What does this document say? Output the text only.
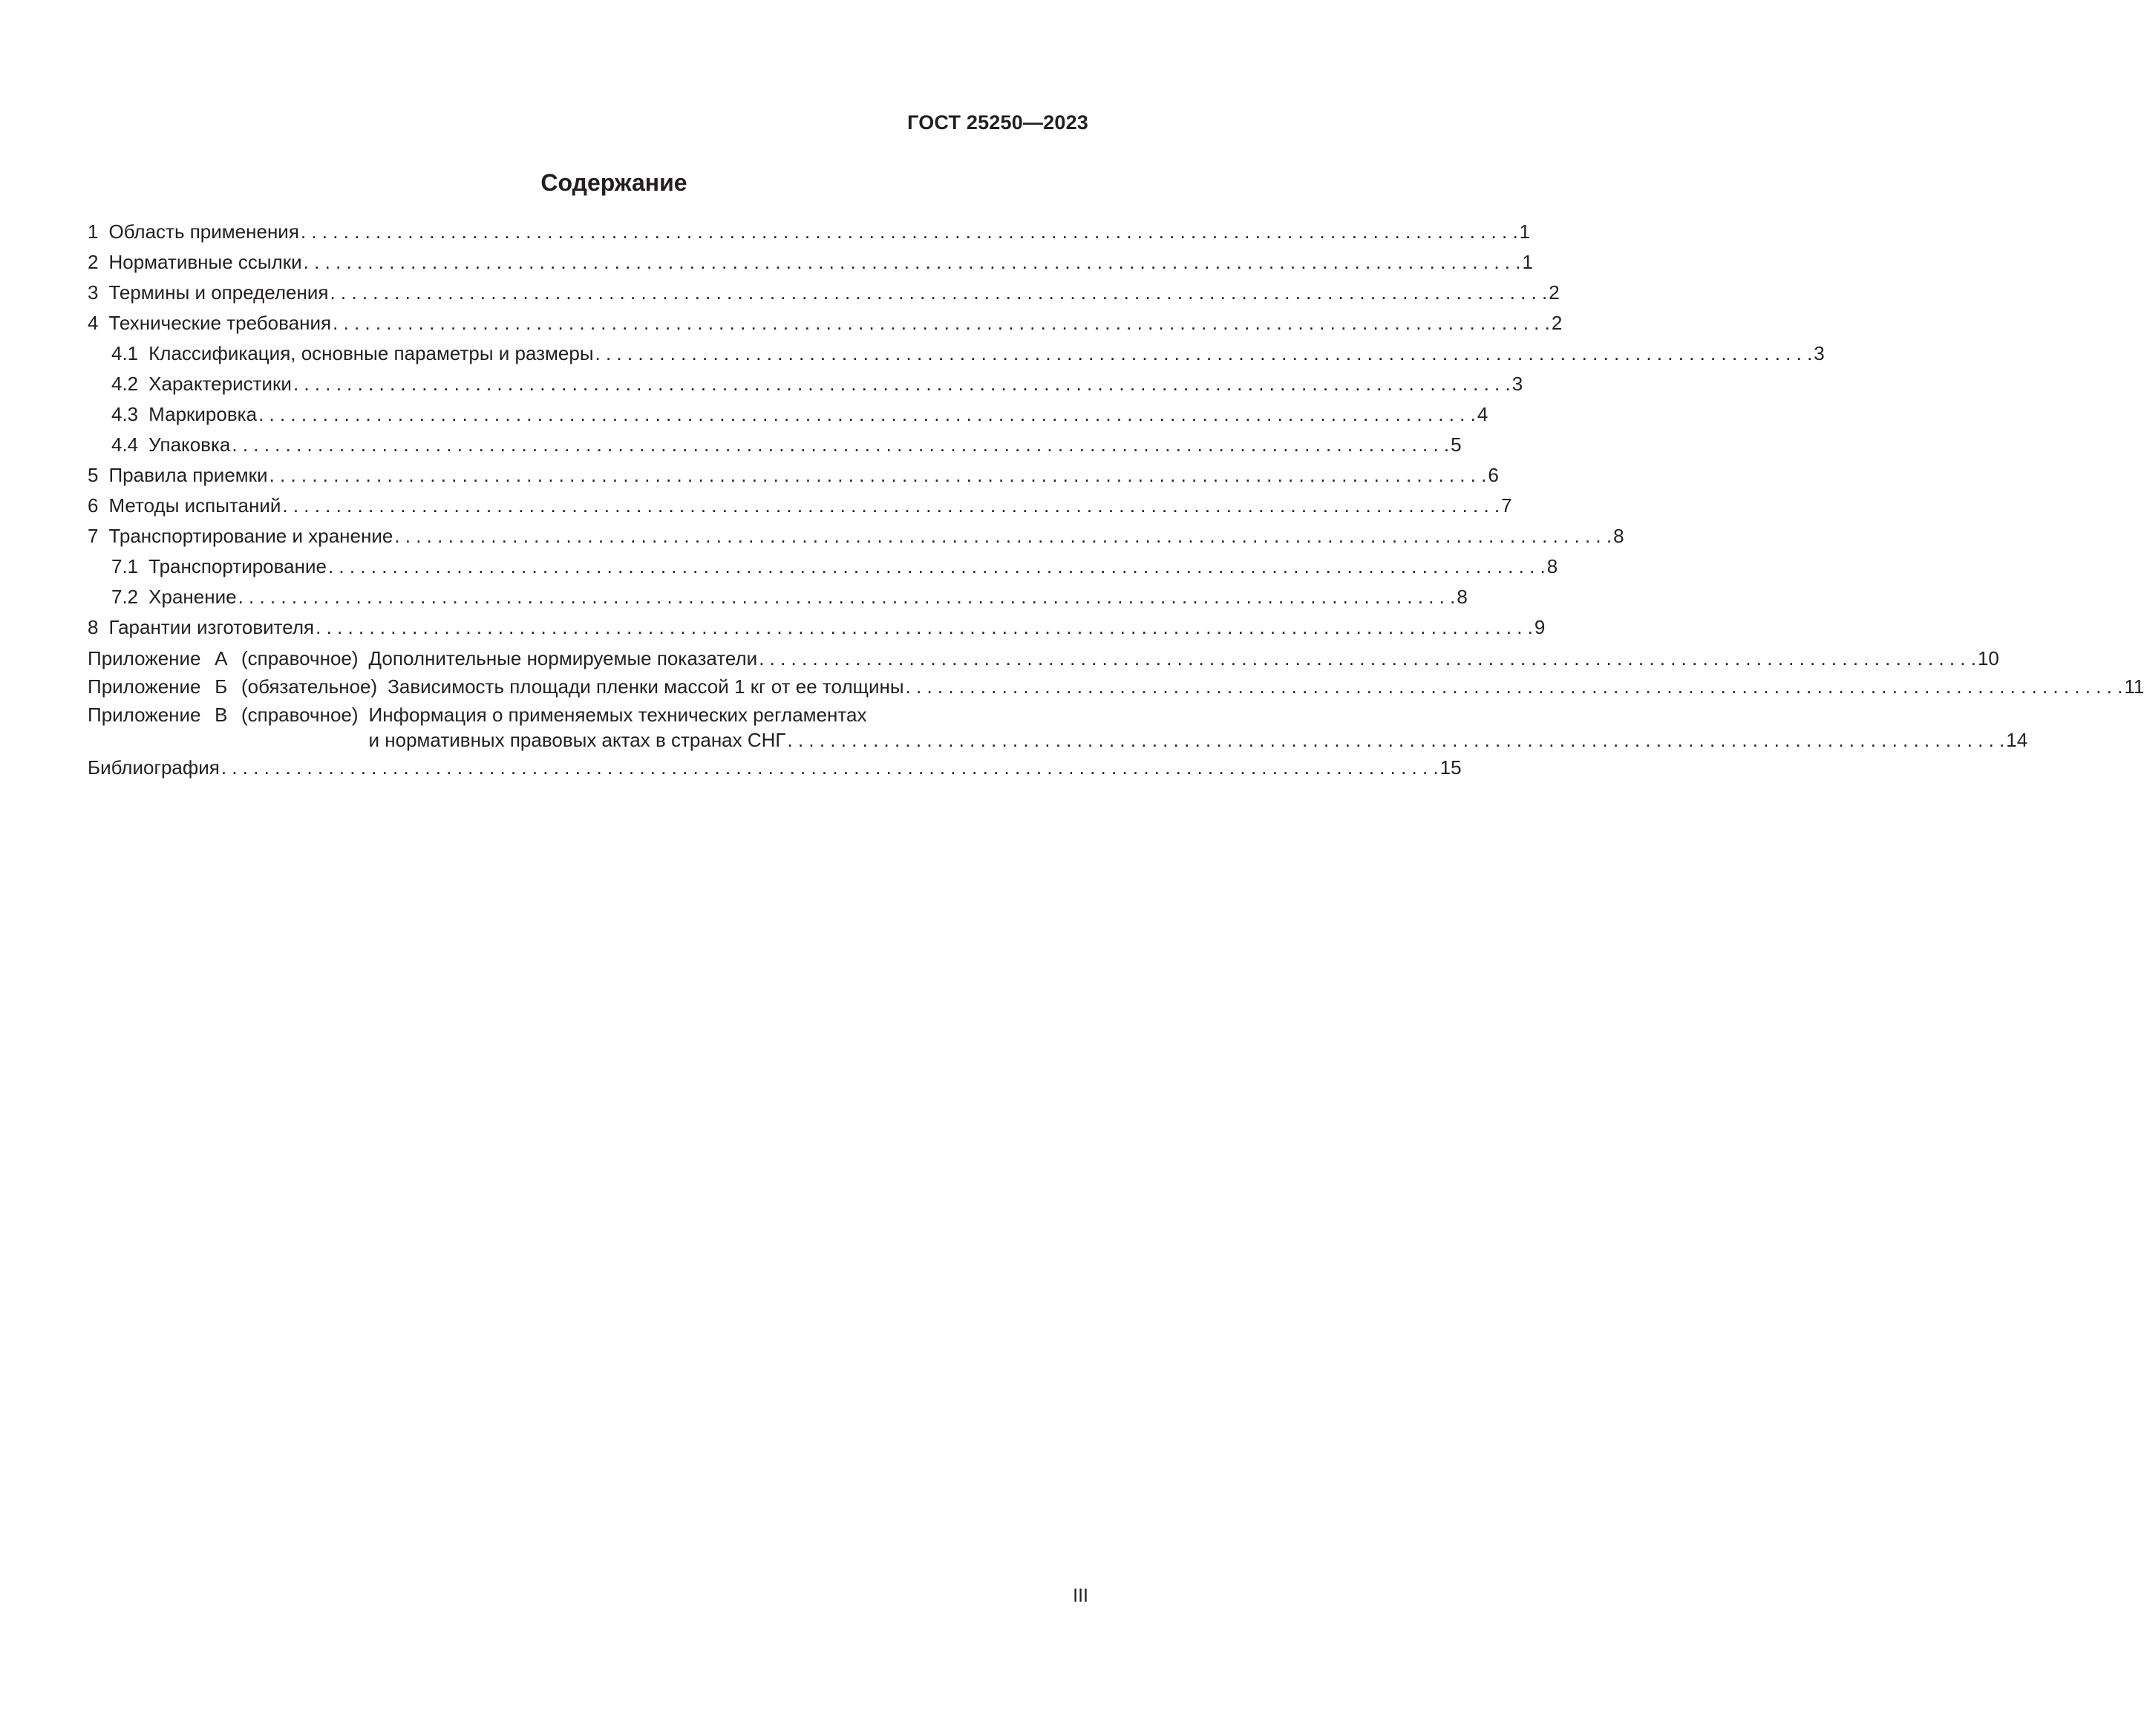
ГОСТ 25250—2023
Содержание
1 Область применения . . .	1
2 Нормативные ссылки . . .	1
3 Термины и определения . . .	2
4 Технические требования . . .	2
4.1 Классификация, основные параметры и размеры . . .	3
4.2 Характеристики . . .	3
4.3 Маркировка . . .	4
4.4 Упаковка . . .	5
5 Правила приемки . . .	6
6 Методы испытаний . . .	7
7 Транспортирование и хранение . . .	8
7.1 Транспортирование . . .	8
7.2 Хранение . . .	8
8 Гарантии изготовителя . . .	9
Приложение А (справочное) Дополнительные нормируемые показатели . . .	10
Приложение Б (обязательное) Зависимость площади пленки массой 1 кг от ее толщины . . .	11
Приложение В (справочное) Информация о применяемых технических регламентах
и нормативных правовых актах в странах СНГ . . .	14
Библиография . . .	15
III
